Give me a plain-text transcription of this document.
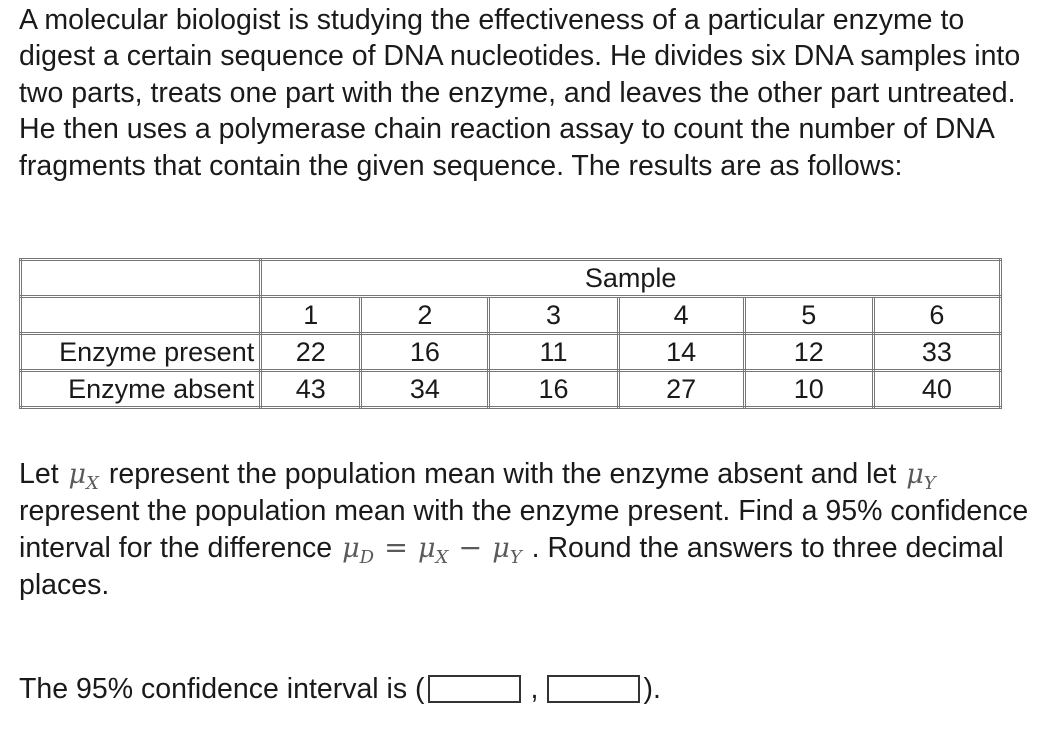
A molecular biologist is studying the effectiveness of a particular enzyme to digest a certain sequence of DNA nucleotides. He divides six DNA samples into two parts, treats one part with the enzyme, and leaves the other part untreated. He then uses a polymerase chain reaction assay to count the number of DNA fragments that contain the given sequence. The results are as follows:

	Sample					
	1	2	3	4	5	6
Enzyme present	22	16	11	14	12	33
Enzyme absent	43	34	16	27	10	40

Let $\mu_X$ represent the population mean with the enzyme absent and let $\mu_Y$ represent the population mean with the enzyme present. Find a 95% confidence interval for the difference $\mu_D = \mu_X - \mu_Y$ . Round the answers to three decimal places.

The 95% confidence interval is (	,	).
